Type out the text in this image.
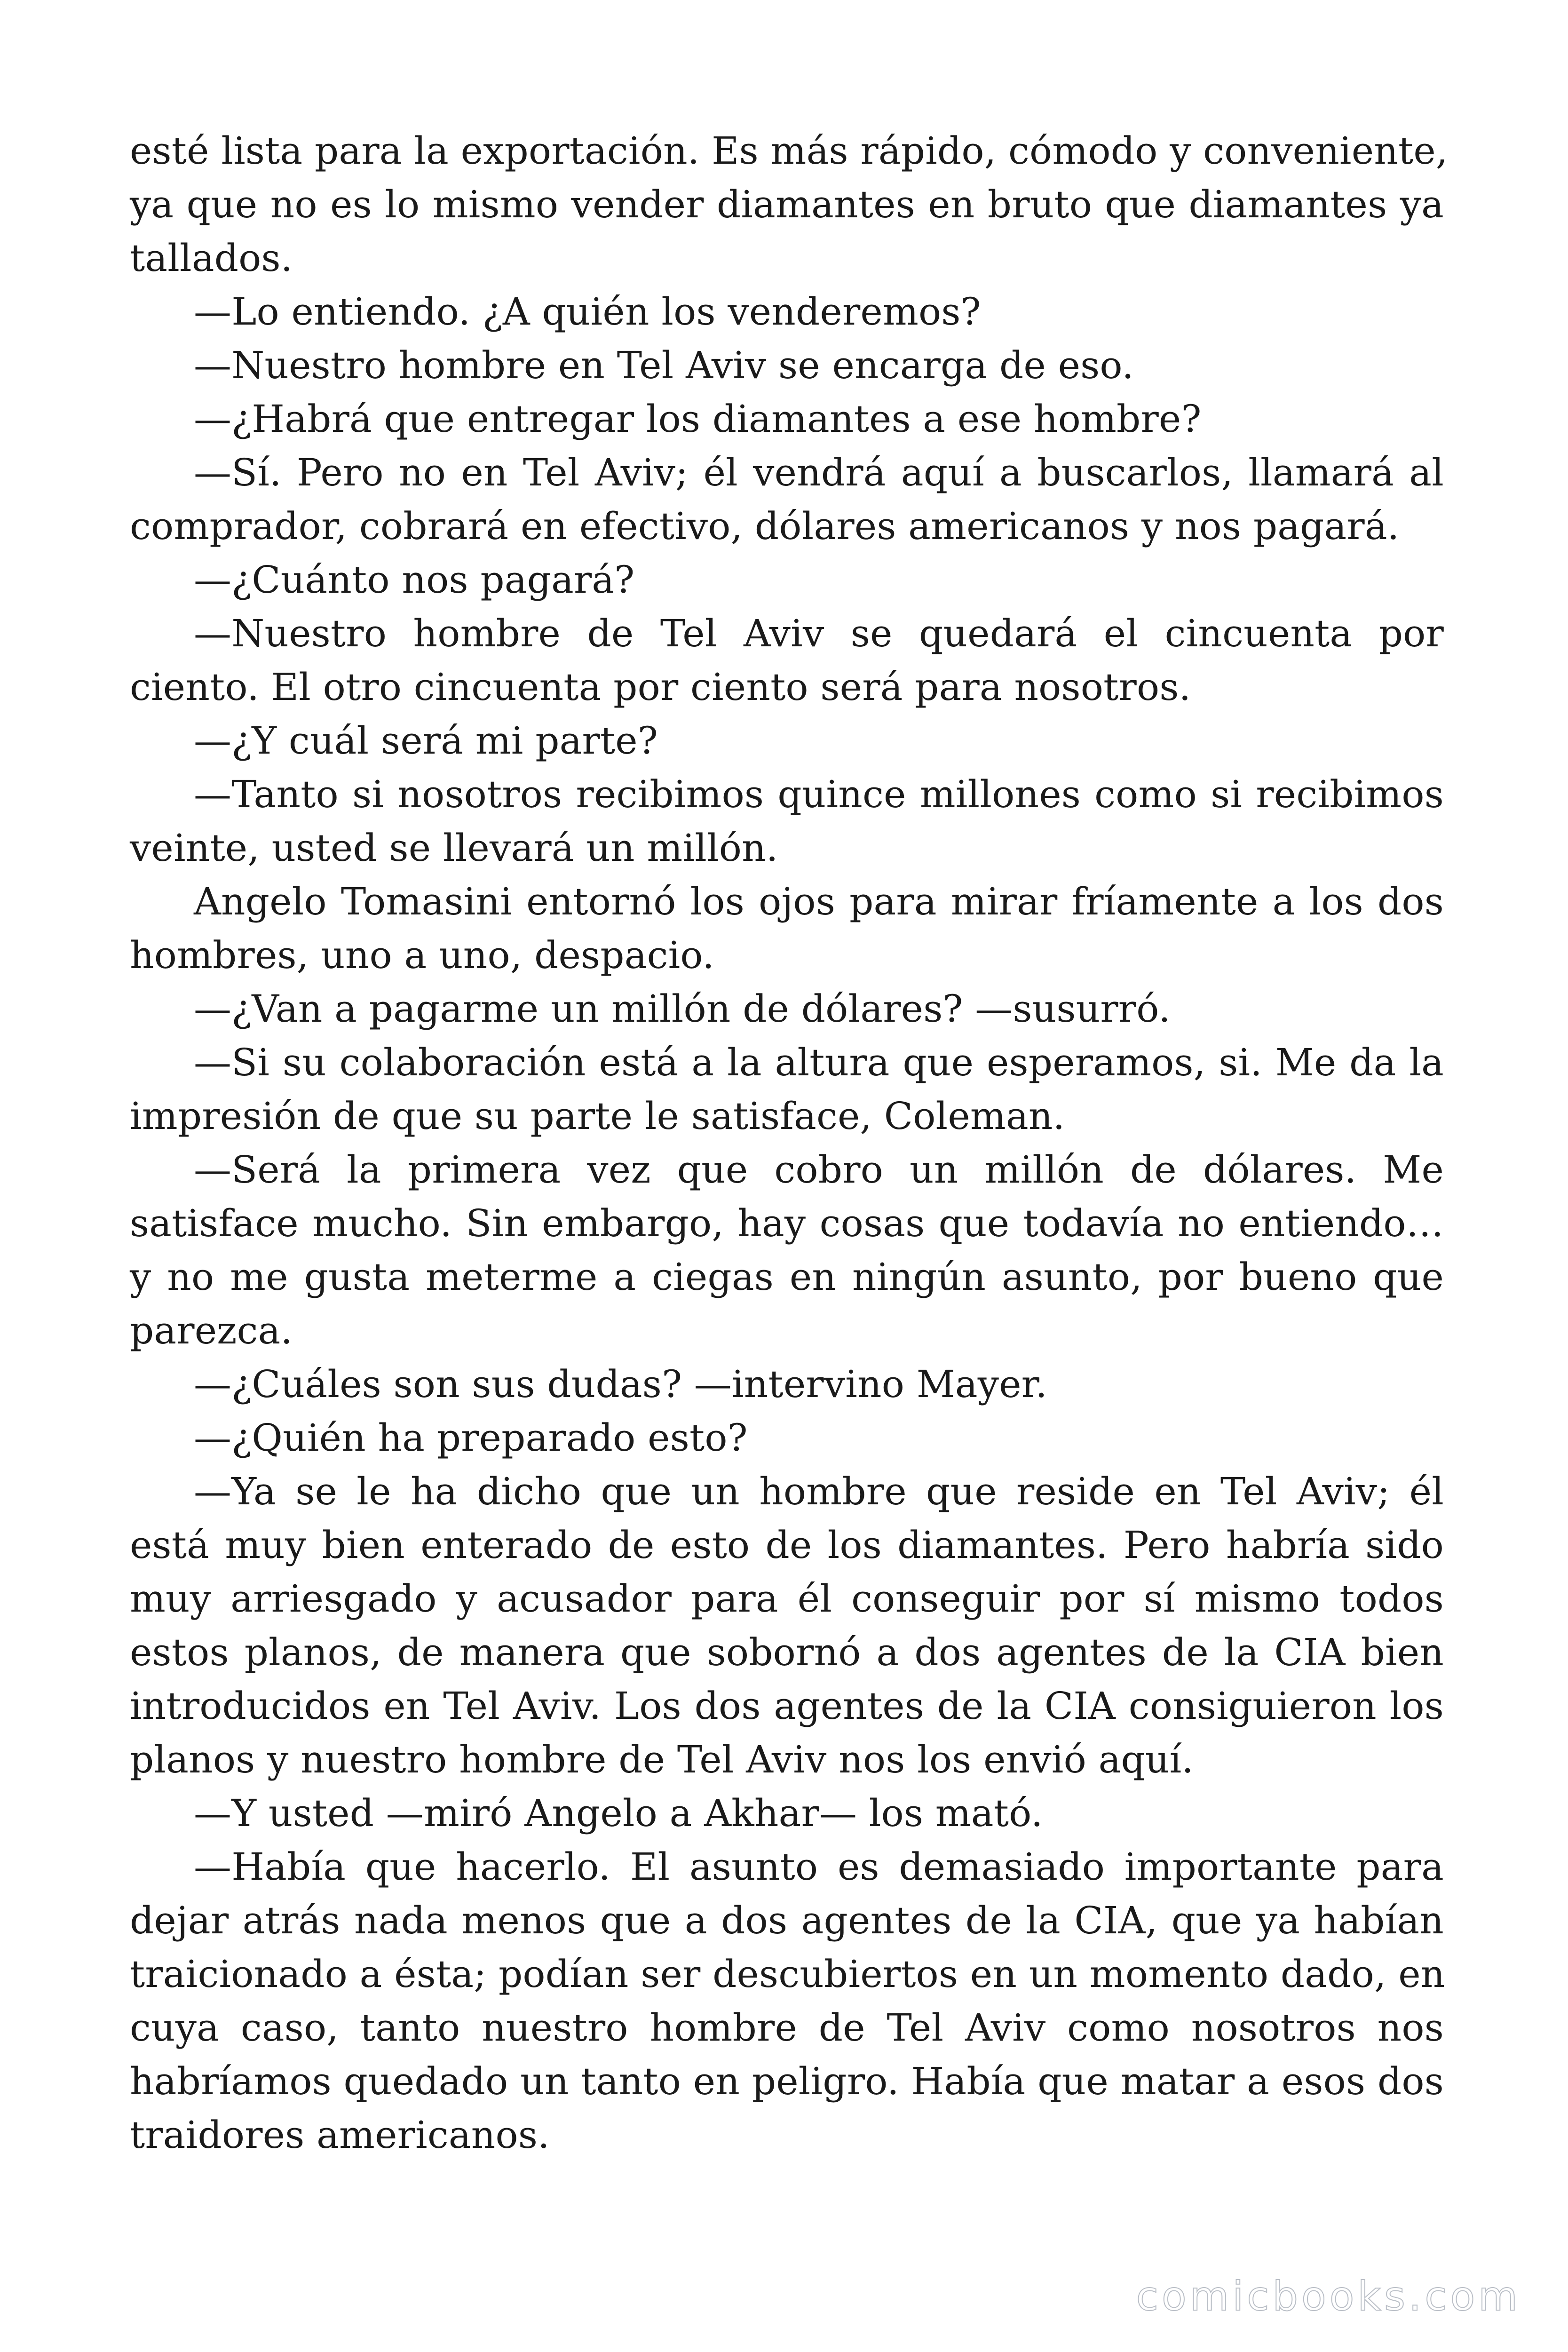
esté lista para la exportación. Es más rápido, cómodo y conveniente,
ya que no es lo mismo vender diamantes en bruto que diamantes ya
tallados.
—Lo entiendo. ¿A quién los venderemos?
—Nuestro hombre en Tel Aviv se encarga de eso.
—¿Habrá que entregar los diamantes a ese hombre?
—Sí. Pero no en Tel Aviv; él vendrá aquí a buscarlos, llamará al
comprador, cobrará en efectivo, dólares americanos y nos pagará.
—¿Cuánto nos pagará?
—Nuestro hombre de Tel Aviv se quedará el cincuenta por
ciento. El otro cincuenta por ciento será para nosotros.
—¿Y cuál será mi parte?
—Tanto si nosotros recibimos quince millones como si recibimos
veinte, usted se llevará un millón.
Angelo Tomasini entornó los ojos para mirar fríamente a los dos
hombres, uno a uno, despacio.
—¿Van a pagarme un millón de dólares? —susurró.
—Si su colaboración está a la altura que esperamos, si. Me da la
impresión de que su parte le satisface, Coleman.
—Será la primera vez que cobro un millón de dólares. Me
satisface mucho. Sin embargo, hay cosas que todavía no entiendo…
y no me gusta meterme a ciegas en ningún asunto, por bueno que
parezca.
—¿Cuáles son sus dudas? —intervino Mayer.
—¿Quién ha preparado esto?
—Ya se le ha dicho que un hombre que reside en Tel Aviv; él
está muy bien enterado de esto de los diamantes. Pero habría sido
muy arriesgado y acusador para él conseguir por sí mismo todos
estos planos, de manera que sobornó a dos agentes de la CIA bien
introducidos en Tel Aviv. Los dos agentes de la CIA consiguieron los
planos y nuestro hombre de Tel Aviv nos los envió aquí.
—Y usted —miró Angelo a Akhar— los mató.
—Había que hacerlo. El asunto es demasiado importante para
dejar atrás nada menos que a dos agentes de la CIA, que ya habían
traicionado a ésta; podían ser descubiertos en un momento dado, en
cuya caso, tanto nuestro hombre de Tel Aviv como nosotros nos
habríamos quedado un tanto en peligro. Había que matar a esos dos
traidores americanos.
comicbooks.com
